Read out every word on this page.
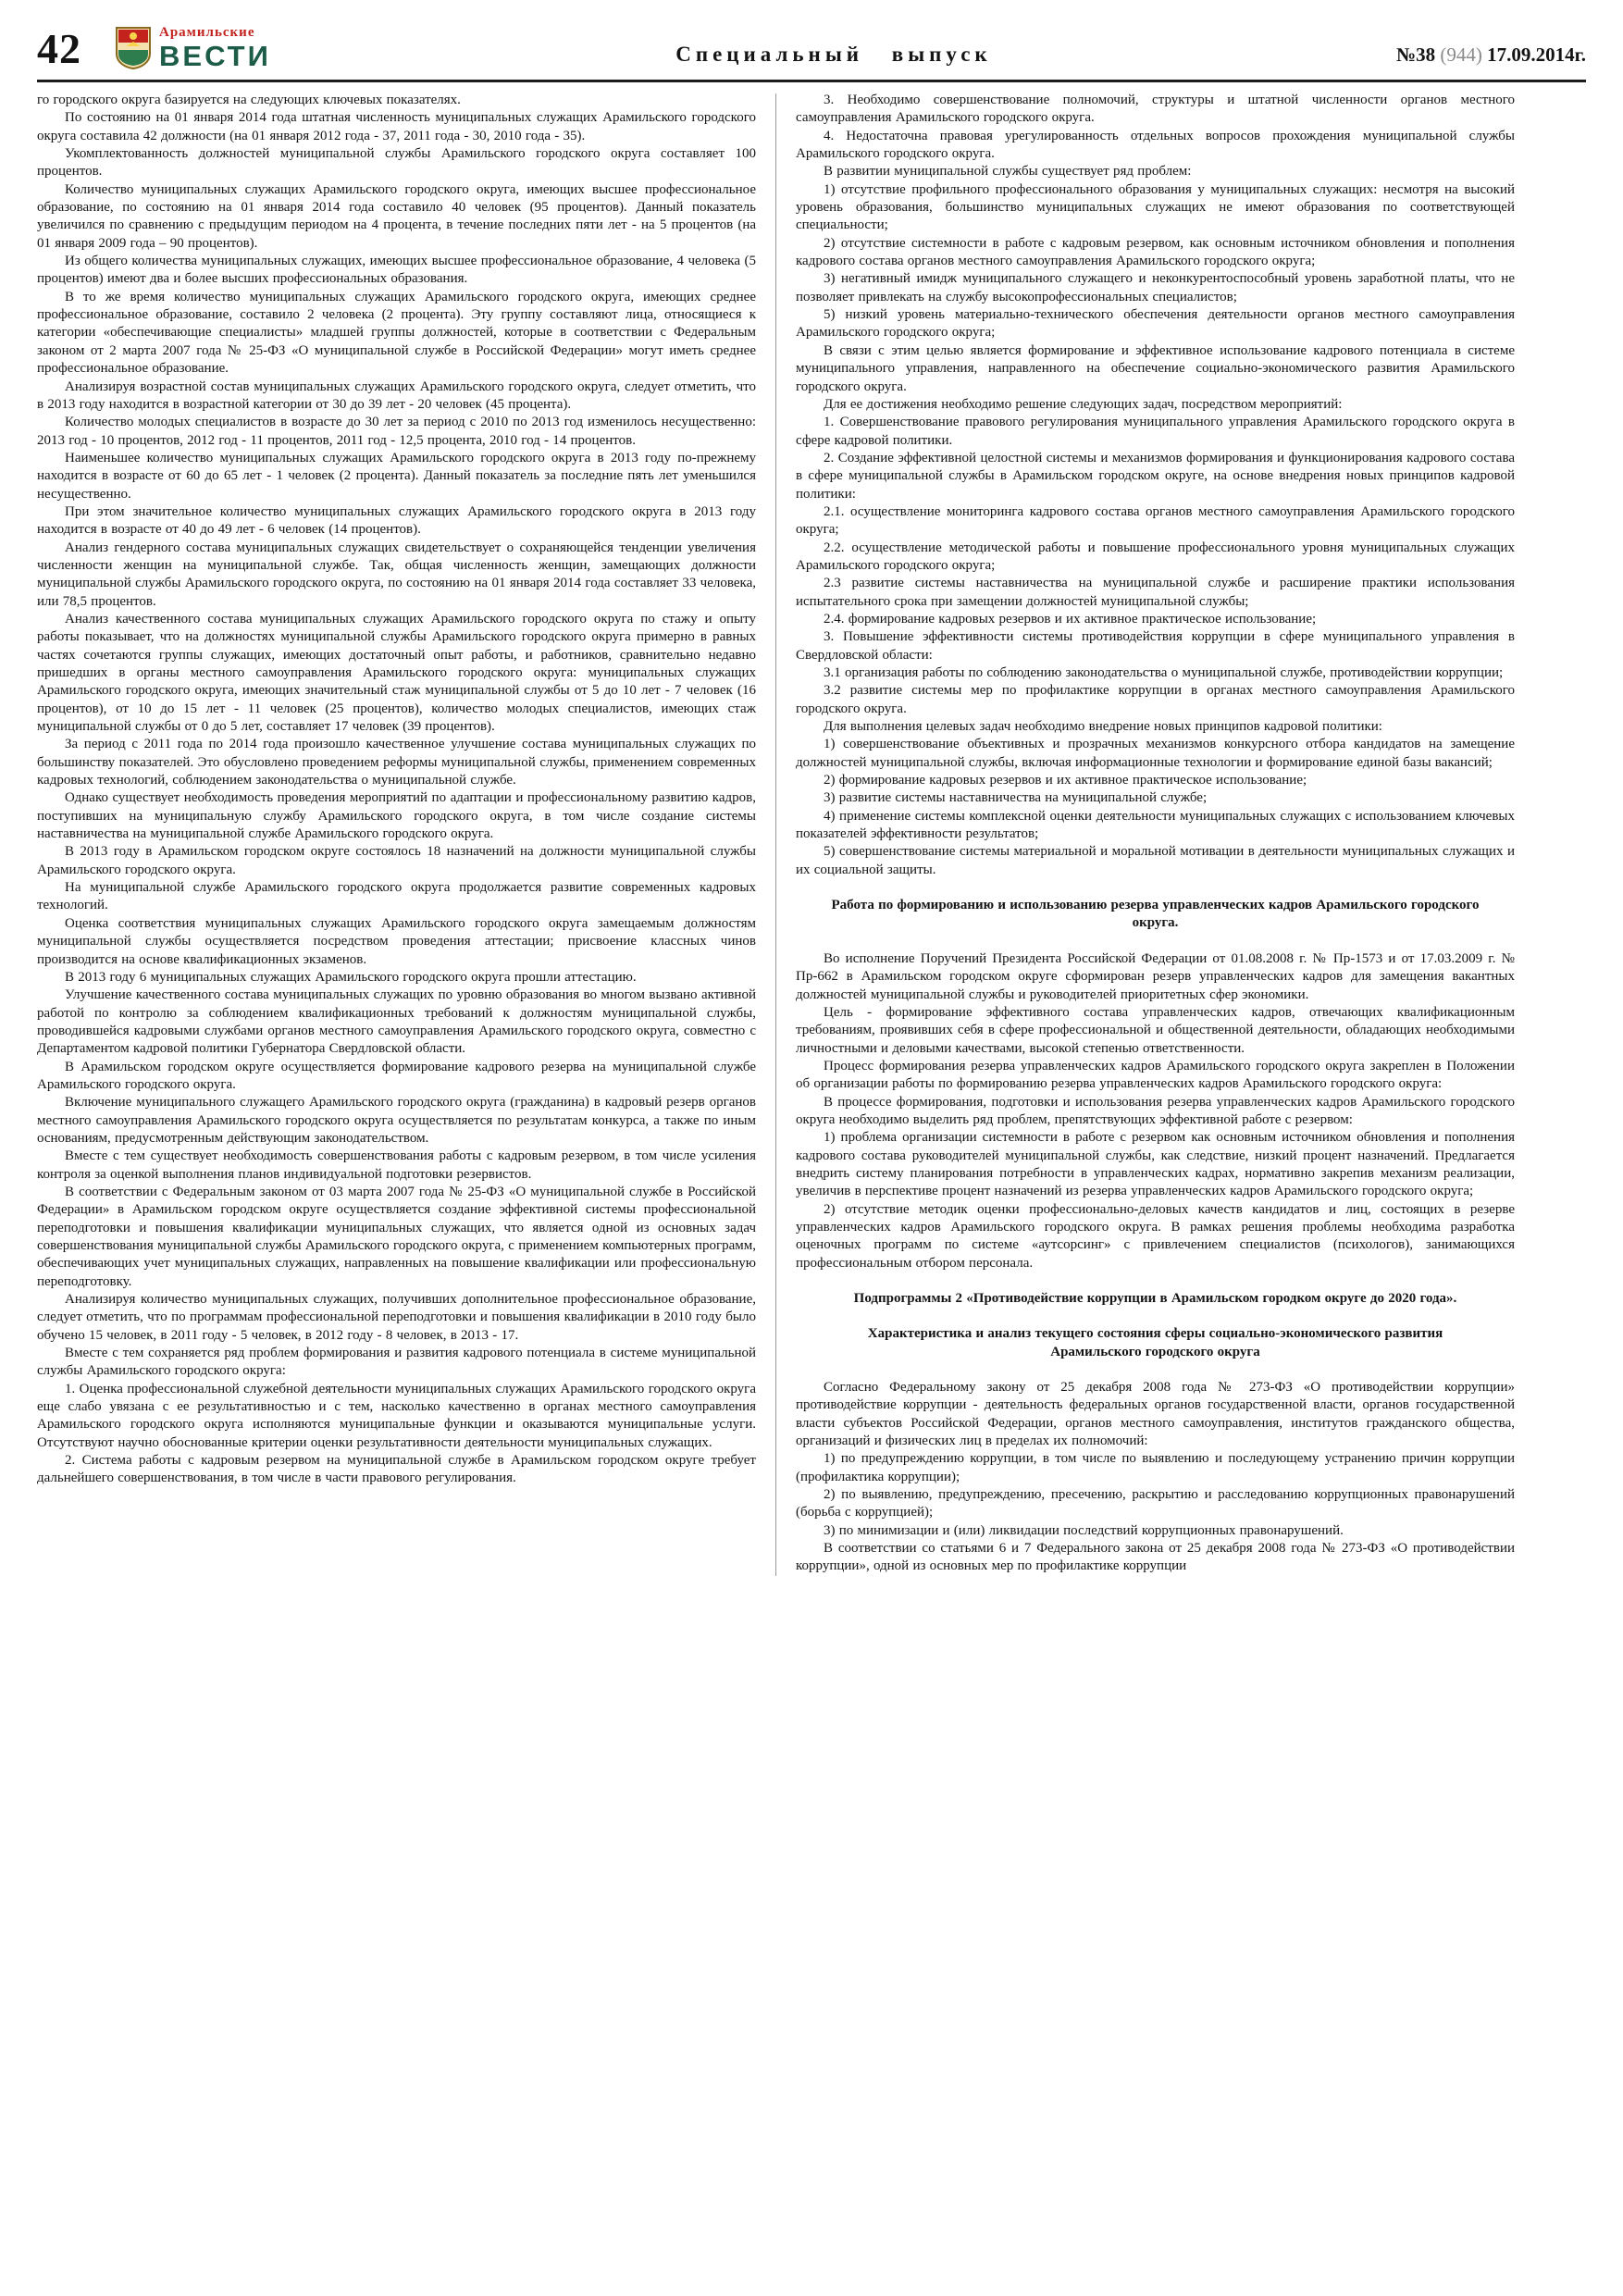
42	Арамильские
ВЕСТИ	Специальный выпуск	№38 (944) 17.09.2014г.

го городского округа базируется на следующих ключевых показателях.

По состоянию на 01 января 2014 года штатная численность муниципальных служащих Арамильского городского округа составила 42 должности (на 01 января 2012 года - 37, 2011 года - 30, 2010 года - 35).

Укомплектованность должностей муниципальной службы Арамильского городского округа составляет 100 процентов.

Количество муниципальных служащих Арамильского городского округа, имеющих высшее профессиональное образование, по состоянию на 01 января 2014 года составило 40 человек (95 процентов). Данный показатель увеличился по сравнению с предыдущим периодом на 4 процента, в течение последних пяти лет - на 5 процентов (на 01 января 2009 года – 90 процентов).

Из общего количества муниципальных служащих, имеющих высшее профессиональное образование, 4 человека (5 процентов) имеют два и более высших профессиональных образования.

В то же время количество муниципальных служащих Арамильского городского округа, имеющих среднее профессиональное образование, составило 2 человека (2 процента). Эту группу составляют лица, относящиеся к категории «обеспечивающие специалисты» младшей группы должностей, которые в соответствии с Федеральным законом от 2 марта 2007 года № 25-ФЗ «О муниципальной службе в Российской Федерации» могут иметь среднее профессиональное образование.

Анализируя возрастной состав муниципальных служащих Арамильского городского округа, следует отметить, что в 2013 году находится в возрастной категории от 30 до 39 лет - 20 человек (45 процента).

Количество молодых специалистов в возрасте до 30 лет за период с 2010 по 2013 год изменилось несущественно: 2013 год - 10 процентов, 2012 год - 11 процентов, 2011 год - 12,5 процента, 2010 год - 14 процентов.

Наименьшее количество муниципальных служащих Арамильского городского округа в 2013 году по-прежнему находится в возрасте от 60 до 65 лет - 1 человек (2 процента). Данный показатель за последние пять лет уменьшился несущественно.

При этом значительное количество муниципальных служащих Арамильского городского округа в 2013 году находится в возрасте от 40 до 49 лет - 6 человек (14 процентов).

Анализ гендерного состава муниципальных служащих свидетельствует о сохраняющейся тенденции увеличения численности женщин на муниципальной службе. Так, общая численность женщин, замещающих должности муниципальной службы Арамильского городского округа, по состоянию на 01 января 2014 года составляет 33 человека, или 78,5 процентов.

Анализ качественного состава муниципальных служащих Арамильского городского округа по стажу и опыту работы показывает, что на должностях муниципальной службы Арамильского городского округа примерно в равных частях сочетаются группы служащих, имеющих достаточный опыт работы, и работников, сравнительно недавно пришедших в органы местного самоуправления Арамильского городского округа: муниципальных служащих Арамильского городского округа, имеющих значительный стаж муниципальной службы от 5 до 10 лет - 7 человек (16 процентов), от 10 до 15 лет - 11 человек (25 процентов), количество молодых специалистов, имеющих стаж муниципальной службы от 0 до 5 лет, составляет 17 человек (39 процентов).

За период с 2011 года по 2014 года произошло качественное улучшение состава муниципальных служащих по большинству показателей. Это обусловлено проведением реформы муниципальной службы, применением современных кадровых технологий, соблюдением законодательства о муниципальной службе.

Однако существует необходимость проведения мероприятий по адаптации и профессиональному развитию кадров, поступивших на муниципальную службу Арамильского городского округа, в том числе создание системы наставничества на муниципальной службе Арамильского городского округа.

В 2013 году в Арамильском городском округе состоялось 18 назначений на должности муниципальной службы Арамильского городского округа.

На муниципальной службе Арамильского городского округа продолжается развитие современных кадровых технологий.

Оценка соответствия муниципальных служащих Арамильского городского округа замещаемым должностям муниципальной службы осуществляется посредством проведения аттестации; присвоение классных чинов производится на основе квалификационных экзаменов.

В 2013 году 6 муниципальных служащих Арамильского городского округа прошли аттестацию.

Улучшение качественного состава муниципальных служащих по уровню образования во многом вызвано активной работой по контролю за соблюдением квалификационных требований к должностям муниципальной службы, проводившейся кадровыми службами органов местного самоуправления Арамильского городского округа, совместно с Департаментом кадровой политики Губернатора Свердловской области.

В Арамильском городском округе осуществляется формирование кадрового резерва на муниципальной службе Арамильского городского округа.

Включение муниципального служащего Арамильского городского округа (гражданина) в кадровый резерв органов местного самоуправления Арамильского городского округа осуществляется по результатам конкурса, а также по иным основаниям, предусмотренным действующим законодательством.

Вместе с тем существует необходимость совершенствования работы с кадровым резервом, в том числе усиления контроля за оценкой выполнения планов индивидуальной подготовки резервистов.

В соответствии с Федеральным законом от 03 марта 2007 года № 25-ФЗ «О муниципальной службе в Российской Федерации» в Арамильском городском округе осуществляется создание эффективной системы профессиональной переподготовки и повышения квалификации муниципальных служащих, что является одной из основных задач совершенствования муниципальной службы Арамильского городского округа, с применением компьютерных программ, обеспечивающих учет муниципальных служащих, направленных на повышение квалификации или профессиональную переподготовку.

Анализируя количество муниципальных служащих, получивших дополнительное профессиональное образование, следует отметить, что по программам профессиональной переподготовки и повышения квалификации в 2010 году было обучено 15 человек, в 2011 году - 5 человек, в 2012 году - 8 человек, в 2013 - 17.

Вместе с тем сохраняется ряд проблем формирования и развития кадрового потенциала в системе муниципальной службы Арамильского городского округа:

1. Оценка профессиональной служебной деятельности муниципальных служащих Арамильского городского округа еще слабо увязана с ее результативностью и с тем, насколько качественно в органах местного самоуправления Арамильского городского округа исполняются муниципальные функции и оказываются муниципальные услуги. Отсутствуют научно обоснованные критерии оценки результативности деятельности муниципальных служащих.

2. Система работы с кадровым резервом на муниципальной службе в Арамильском городском округе требует дальнейшего совершенствования, в том числе в части правового регулирования.

3. Необходимо совершенствование полномочий, структуры и штатной численности органов местного самоуправления Арамильского городского округа.

4. Недостаточна правовая урегулированность отдельных вопросов прохождения муниципальной службы Арамильского городского округа.

В развитии муниципальной службы существует ряд проблем:

1) отсутствие профильного профессионального образования у муниципальных служащих: несмотря на высокий уровень образования, большинство муниципальных служащих не имеют образования по соответствующей специальности;

2) отсутствие системности в работе с кадровым резервом, как основным источником обновления и пополнения кадрового состава органов местного самоуправления Арамильского городского округа;

3) негативный имидж муниципального служащего и неконкурентоспособный уровень заработной платы, что не позволяет привлекать на службу высокопрофессиональных специалистов;

5) низкий уровень материально-технического обеспечения деятельности органов местного самоуправления Арамильского городского округа;

В связи с этим целью является формирование и эффективное использование кадрового потенциала в системе муниципального управления, направленного на обеспечение социально-экономического развития Арамильского городского округа.

Для ее достижения необходимо решение следующих задач, посредством мероприятий:

1. Совершенствование правового регулирования муниципального управления Арамильского городского округа в сфере кадровой политики.

2. Создание эффективной целостной системы и механизмов формирования и функционирования кадрового состава в сфере муниципальной службы в Арамильском городском округе, на основе внедрения новых принципов кадровой политики:

2.1. осуществление мониторинга кадрового состава органов местного самоуправления Арамильского городского округа;

2.2. осуществление методической работы и повышение профессионального уровня муниципальных служащих Арамильского городского округа;

2.3 развитие системы наставничества на муниципальной службе и расширение практики использования испытательного срока при замещении должностей муниципальной службы;

2.4. формирование кадровых резервов и их активное практическое использование;

3. Повышение эффективности системы противодействия коррупции в сфере муниципального управления в Свердловской области:

3.1 организация работы по соблюдению законодательства о муниципальной службе, противодействии коррупции;

3.2 развитие системы мер по профилактике коррупции в органах местного самоуправления Арамильского городского округа.

Для выполнения целевых задач необходимо внедрение новых принципов кадровой политики:

1) совершенствование объективных и прозрачных механизмов конкурсного отбора кандидатов на замещение должностей муниципальной службы, включая информационные технологии и формирование единой базы вакансий;

2) формирование кадровых резервов и их активное практическое использование;

3) развитие системы наставничества на муниципальной службе;

4) применение системы комплексной оценки деятельности муниципальных служащих с использованием ключевых показателей эффективности результатов;

5) совершенствование системы материальной и моральной мотивации в деятельности муниципальных служащих и их социальной защиты.

Работа по формированию и использованию резерва управленческих кадров Арамильского городского округа.

Во исполнение Поручений Президента Российской Федерации от 01.08.2008 г. № Пр-1573 и от 17.03.2009 г. № Пр-662 в Арамильском городском округе сформирован резерв управленческих кадров для замещения вакантных должностей муниципальной службы и руководителей приоритетных сфер экономики.

Цель - формирование эффективного состава управленческих кадров, отвечающих квалификационным требованиям, проявивших себя в сфере профессиональной и общественной деятельности, обладающих необходимыми личностными и деловыми качествами, высокой степенью ответственности.

Процесс формирования резерва управленческих кадров Арамильского городского округа закреплен в Положении об организации работы по формированию резерва управленческих кадров Арамильского городского округа:

В процессе формирования, подготовки и использования резерва управленческих кадров Арамильского городского округа необходимо выделить ряд проблем, препятствующих эффективной работе с резервом:

1) проблема организации системности в работе с резервом как основным источником обновления и пополнения кадрового состава руководителей муниципальной службы, как следствие, низкий процент назначений. Предлагается внедрить систему планирования потребности в управленческих кадрах, нормативно закрепив механизм реализации, увеличив в перспективе процент назначений из резерва управленческих кадров Арамильского городского округа;

2) отсутствие методик оценки профессионально-деловых качеств кандидатов и лиц, состоящих в резерве управленческих кадров Арамильского городского округа. В рамках решения проблемы необходима разработка оценочных программ по системе «аутсорсинг» с привлечением специалистов (психологов), занимающихся профессиональным отбором персонала.

Подпрограммы 2 «Противодействие коррупции в Арамильском городком округе до 2020 года».

Характеристика и анализ текущего состояния сферы социально-экономического развития Арамильского городского округа

Согласно Федеральному закону от 25 декабря 2008 года № 273-ФЗ «О противодействии коррупции» противодействие коррупции - деятельность федеральных органов государственной власти, органов государственной власти субъектов Российской Федерации, органов местного самоуправления, институтов гражданского общества, организаций и физических лиц в пределах их полномочий:

1) по предупреждению коррупции, в том числе по выявлению и последующему устранению причин коррупции (профилактика коррупции);

2) по выявлению, предупреждению, пресечению, раскрытию и расследованию коррупционных правонарушений (борьба с коррупцией);

3) по минимизации и (или) ликвидации последствий коррупционных правонарушений.

В соответствии со статьями 6 и 7 Федерального закона от 25 декабря 2008 года № 273-ФЗ «О противодействии коррупции», одной из основных мер по профилактике коррупции
